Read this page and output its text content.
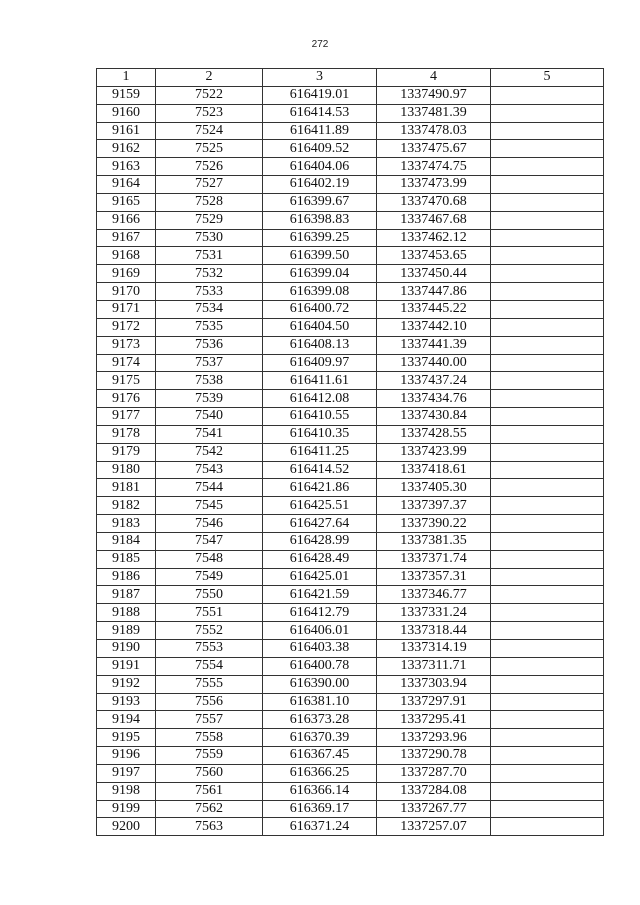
272
1	2	3	4	5
9159	7522	616419.01	1337490.97	
9160	7523	616414.53	1337481.39	
9161	7524	616411.89	1337478.03	
9162	7525	616409.52	1337475.67	
9163	7526	616404.06	1337474.75	
9164	7527	616402.19	1337473.99	
9165	7528	616399.67	1337470.68	
9166	7529	616398.83	1337467.68	
9167	7530	616399.25	1337462.12	
9168	7531	616399.50	1337453.65	
9169	7532	616399.04	1337450.44	
9170	7533	616399.08	1337447.86	
9171	7534	616400.72	1337445.22	
9172	7535	616404.50	1337442.10	
9173	7536	616408.13	1337441.39	
9174	7537	616409.97	1337440.00	
9175	7538	616411.61	1337437.24	
9176	7539	616412.08	1337434.76	
9177	7540	616410.55	1337430.84	
9178	7541	616410.35	1337428.55	
9179	7542	616411.25	1337423.99	
9180	7543	616414.52	1337418.61	
9181	7544	616421.86	1337405.30	
9182	7545	616425.51	1337397.37	
9183	7546	616427.64	1337390.22	
9184	7547	616428.99	1337381.35	
9185	7548	616428.49	1337371.74	
9186	7549	616425.01	1337357.31	
9187	7550	616421.59	1337346.77	
9188	7551	616412.79	1337331.24	
9189	7552	616406.01	1337318.44	
9190	7553	616403.38	1337314.19	
9191	7554	616400.78	1337311.71	
9192	7555	616390.00	1337303.94	
9193	7556	616381.10	1337297.91	
9194	7557	616373.28	1337295.41	
9195	7558	616370.39	1337293.96	
9196	7559	616367.45	1337290.78	
9197	7560	616366.25	1337287.70	
9198	7561	616366.14	1337284.08	
9199	7562	616369.17	1337267.77	
9200	7563	616371.24	1337257.07	
